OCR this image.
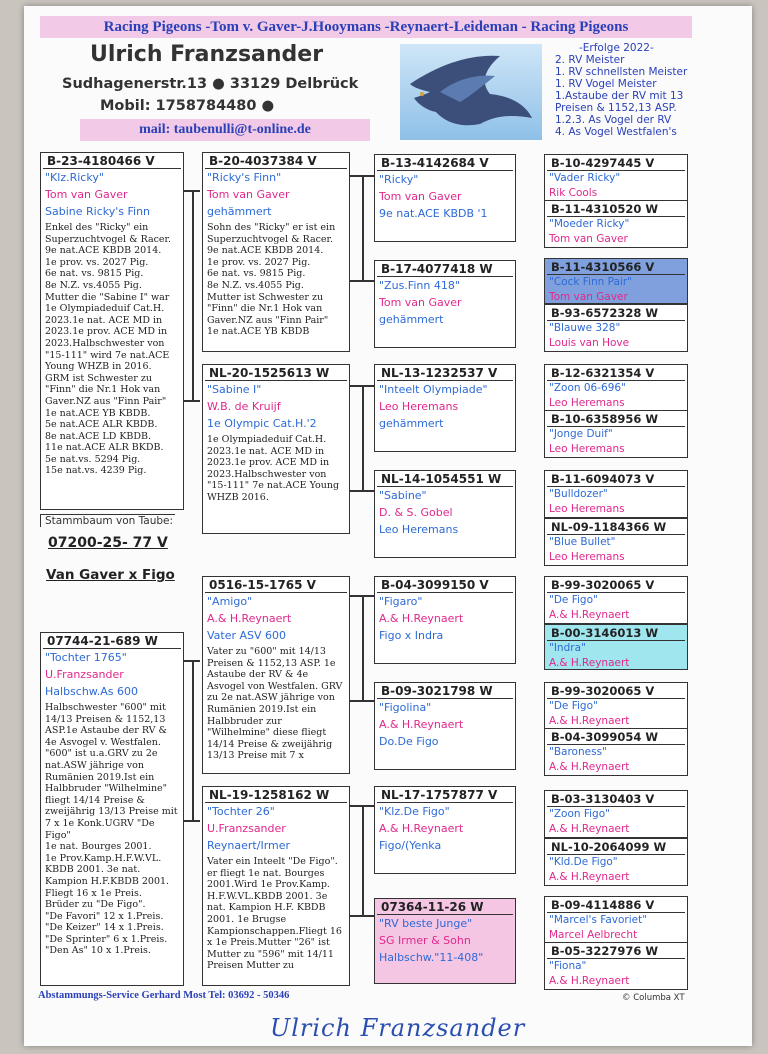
Racing Pigeons -Tom v. Gaver-J.Hooymans -Reynaert-Leideman - Racing Pigeons
Ulrich Franzsander
Sudhagenerstr.13 ● 33129 Delbrück
Mobil: 1758784480 ●
mail: taubenulli@t-online.de
-Erfolge 2022-
2. RV Meister
1. RV schnellsten Meister
1. RV Vogel Meister
1.Astaube der RV mit 13
Preisen & 1152,13 ASP.
1.2.3. As Vogel der RV
4. As Vogel Westfalen's
B-23-4180466 V
"Klz.Ricky"
Tom van Gaver
Sabine Ricky's Finn
Enkel des "Ricky" ein Superzuchtvogel & Racer. 9e nat.ACE KBDB 2014.
1e prov. vs. 2027 Pig.
6e nat. vs. 9815 Pig.
8e N.Z. vs.4055 Pig.
Mutter die "Sabine I" war 1e Olympiadeduif Cat.H. 2023.1e nat. ACE MD in 2023.1e prov. ACE MD in 2023.Halbschwester von "15-111" wird 7e nat.ACE Young WHZB in 2016.
GRM ist Schwester zu "Finn" die Nr.1 Hok van Gaver.NZ aus "Finn Pair"
1e nat.ACE YB KBDB.
5e nat.ACE ALR KBDB.
8e nat.ACE LD KBDB.
11e nat.ACE ALR BKDB.
5e nat.vs. 5294 Pig.
15e nat.vs. 4239 Pig.
Stammbaum von Taube:
07200-25- 77 V
Van Gaver x Figo
07744-21-689 W
"Tochter 1765"
U.Franzsander
Halbschw.As 600
Halbschwester "600" mit 14/13 Preisen & 1152,13 ASP.1e Astaube der RV & 4e Asvogel v. Westfalen. "600" ist u.a.GRV zu 2e nat.ASW jährige von Rumänien 2019.Ist ein Halbbruder "Wilhelmine" fliegt 14/14 Preise & zweijährig 13/13 Preise mit 7 x 1e Konk.UGRV "De Figo"
1e nat. Bourges 2001.
1e Prov.Kamp.H.F.W.VL. KBDB 2001. 3e nat. Kampion H.F.KBDB 2001.
Fliegt 16 x 1e Preis.
Brüder zu "De Figo".
"De Favori" 12 x 1.Preis.
"De Keizer" 14 x 1.Preis.
"De Sprinter" 6 x 1.Preis.
"Den As" 10 x 1.Preis.
B-20-4037384 V
"Ricky's Finn"
Tom van Gaver
gehämmert
Sohn des "Ricky" er ist ein Superzuchtvogel & Racer. 9e nat.ACE KBDB 2014.
1e prov. vs. 2027 Pig.
6e nat. vs. 9815 Pig.
8e N.Z. vs.4055 Pig.
Mutter ist Schwester zu "Finn" die Nr.1 Hok van Gaver.NZ aus "Finn Pair"
1e nat.ACE YB KBDB
NL-20-1525613 W
"Sabine I"
W.B. de Kruijf
1e Olympic Cat.H.'2
1e Olympiadeduif Cat.H. 2023.1e nat. ACE MD in 2023.1e prov. ACE MD in 2023.Halbschwester von "15-111" 7e nat.ACE Young WHZB 2016.
0516-15-1765 V
"Amigo"
A.& H.Reynaert
Vater ASV 600
Vater zu "600" mit 14/13 Preisen & 1152,13 ASP. 1e Astaube der RV & 4e Asvogel von Westfalen. GRV zu 2e nat.ASW jährige von Rumänien 2019.Ist ein Halbbruder zur "Wilhelmine" diese fliegt 14/14 Preise & zweijährig 13/13 Preise mit 7 x
NL-19-1258162 W
"Tochter 26"
U.Franzsander
Reynaert/Irmer
Vater ein Inteelt "De Figo". er fliegt 1e nat. Bourges 2001.Wird 1e Prov.Kamp. H.F.W.VL.KBDB 2001. 3e nat. Kampion H.F. KBDB 2001. 1e Brugse Kampionschappen.Fliegt 16 x 1e Preis.Mutter "26" ist Mutter zu "596" mit 14/11 Preisen Mutter zu
B-13-4142684 V
"Ricky"
Tom van Gaver
9e nat.ACE KBDB '1
B-17-4077418 W
"Zus.Finn 418"
Tom van Gaver
gehämmert
NL-13-1232537 V
"Inteelt Olympiade"
Leo Heremans
gehämmert
NL-14-1054551 W
"Sabine"
D. & S. Gobel
Leo Heremans
B-04-3099150 V
"Figaro"
A.& H.Reynaert
Figo x Indra
B-09-3021798 W
"Figolina"
A.& H.Reynaert
Do.De Figo
NL-17-1757877 V
"Klz.De Figo"
A.& H.Reynaert
Figo/(Yenka
07364-11-26 W
"RV beste Junge"
SG Irmer & Sohn
Halbschw."11-408"
B-10-4297445 V
"Vader Ricky"
Rik Cools
B-11-4310520 W
"Moeder Ricky"
Tom van Gaver
B-11-4310566 V
"Cock Finn Pair"
Tom van Gaver
B-93-6572328 W
"Blauwe 328"
Louis van Hove
B-12-6321354 V
"Zoon 06-696"
Leo Heremans
B-10-6358956 W
"Jonge Duif"
Leo Heremans
B-11-6094073 V
"Bulldozer"
Leo Heremans
NL-09-1184366 W
"Blue Bullet"
Leo Heremans
B-99-3020065 V
"De Figo"
A.& H.Reynaert
B-00-3146013 W
"Indra"
A.& H.Reynaert
B-99-3020065 V
"De Figo"
A.& H.Reynaert
B-04-3099054 W
"Baroness"
A.& H.Reynaert
B-03-3130403 V
"Zoon Figo"
A.& H.Reynaert
NL-10-2064099 W
"Kld.De Figo"
A.& H.Reynaert
B-09-4114886 V
"Marcel's Favoriet"
Marcel Aelbrecht
B-05-3227976 W
"Fiona"
A.& H.Reynaert
Abstammungs-Service Gerhard Most Tel: 03692 - 50346	© Columba XT
Ulrich Franzsander
